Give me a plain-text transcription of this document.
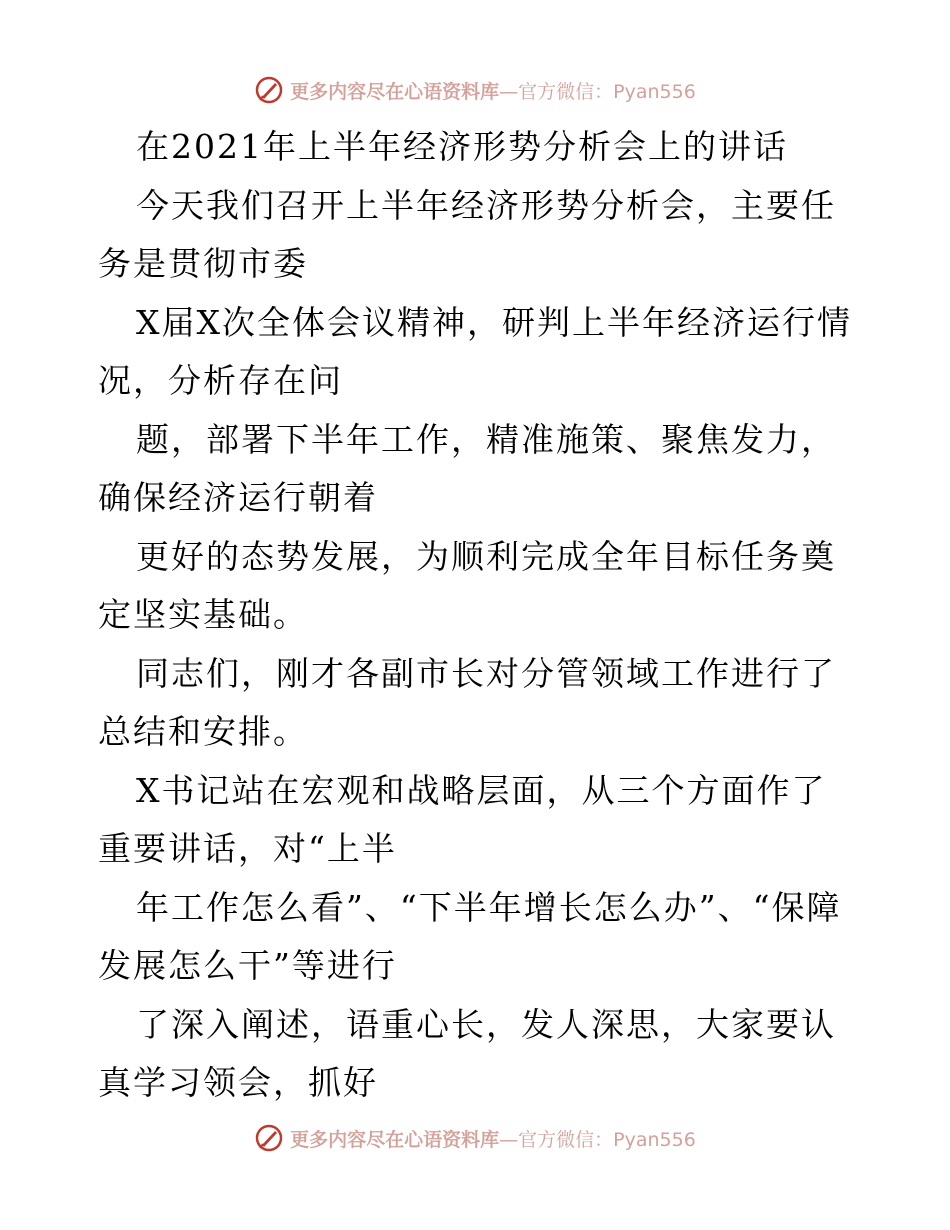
更多内容尽在心语资料库—官方微信：Pyan556

在2021年上半年经济形势分析会上的讲话

今天我们召开上半年经济形势分析会，主要任务是贯彻市委

X届X次全体会议精神，研判上半年经济运行情况，分析存在问

题，部署下半年工作，精准施策、聚焦发力，确保经济运行朝着

更好的态势发展，为顺利完成全年目标任务奠定坚实基础。

同志们，刚才各副市长对分管领域工作进行了总结和安排。

X书记站在宏观和战略层面，从三个方面作了重要讲话，对“上半

年工作怎么看”、“下半年增长怎么办”、“保障发展怎么干”等进行

了深入阐述，语重心长，发人深思，大家要认真学习领会，抓好

更多内容尽在心语资料库—官方微信：Pyan556
